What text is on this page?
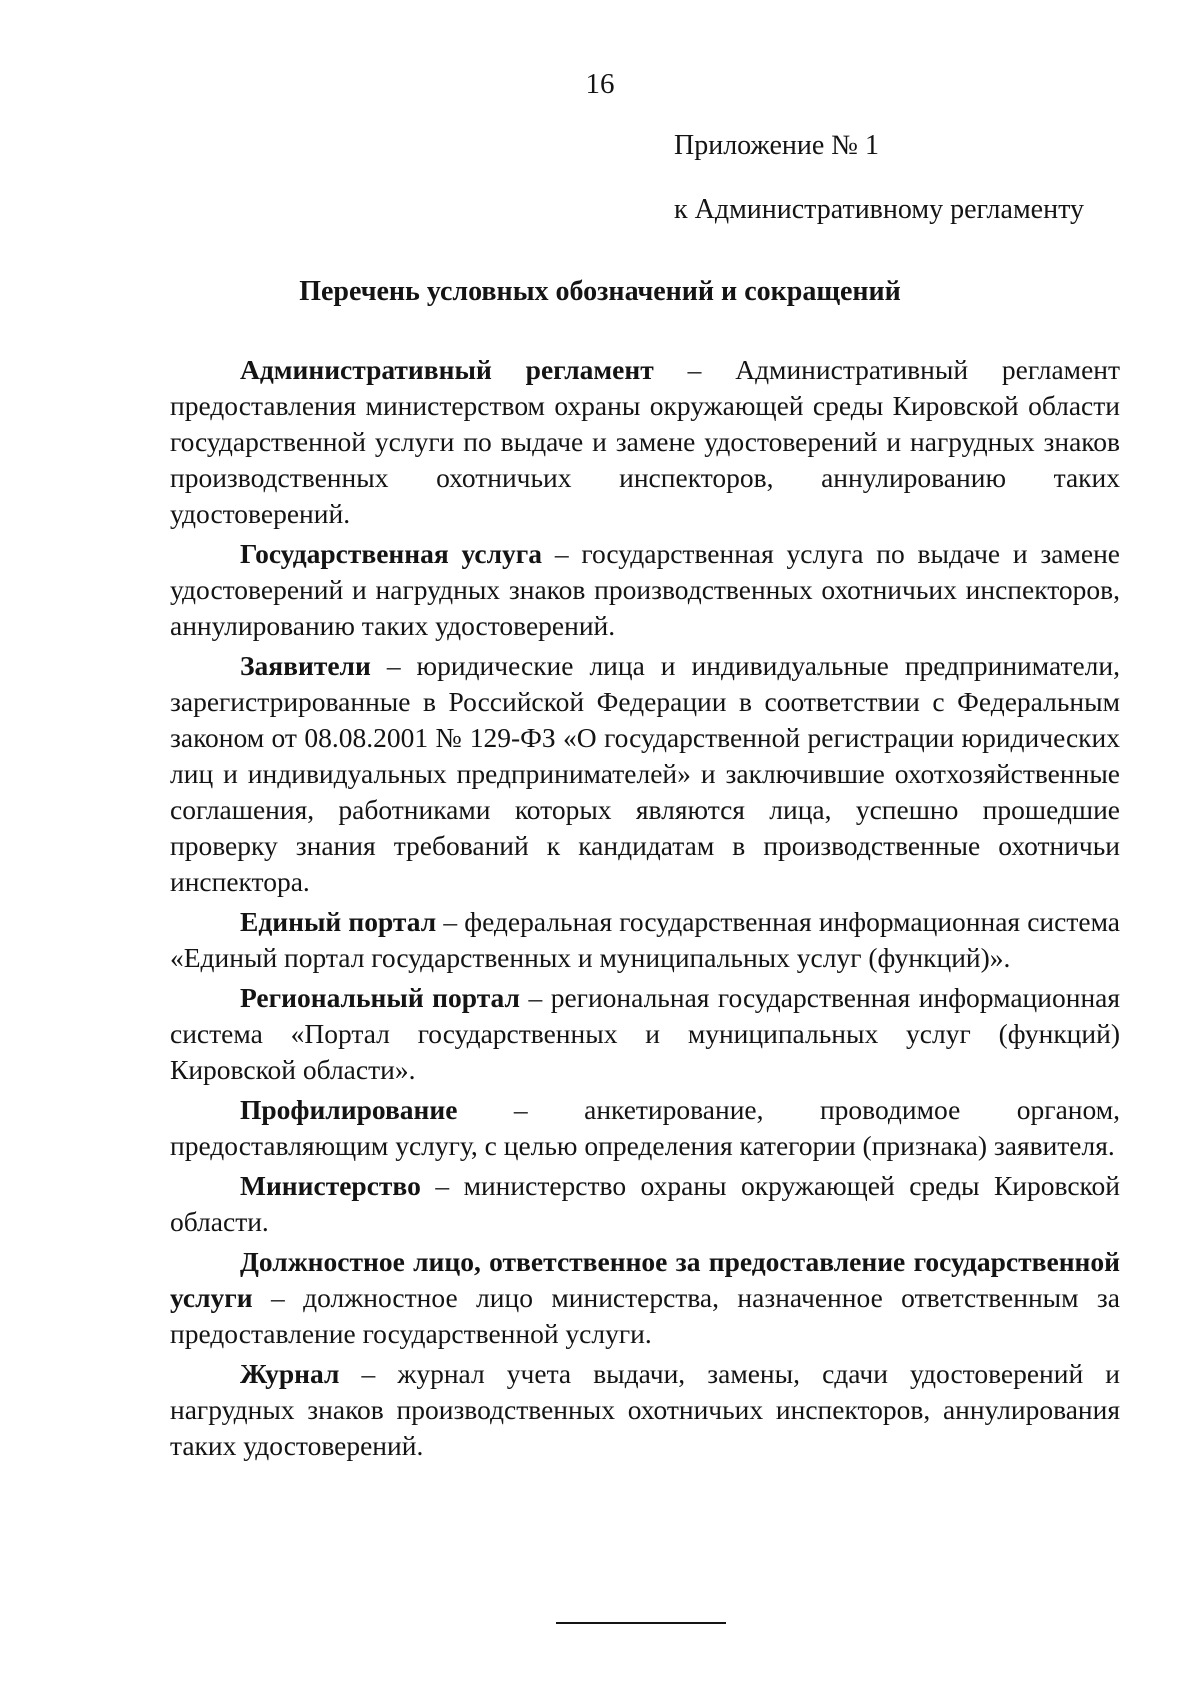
16
Приложение № 1
к Административному регламенту
Перечень условных обозначений и сокращений

Административный регламент – Административный регламент предоставления министерством охраны окружающей среды Кировской области государственной услуги по выдаче и замене удостоверений и нагрудных знаков производственных охотничьих инспекторов, аннулированию таких удостоверений.

Государственная услуга – государственная услуга по выдаче и замене удостоверений и нагрудных знаков производственных охотничьих инспекторов, аннулированию таких удостоверений.

Заявители – юридические лица и индивидуальные предприниматели, зарегистрированные в Российской Федерации в соответствии с Федеральным законом от 08.08.2001 № 129-ФЗ «О государственной регистрации юридических лиц и индивидуальных предпринимателей» и заключившие охотхозяйственные соглашения, работниками которых являются лица, успешно прошедшие проверку знания требований к кандидатам в производственные охотничьи инспектора.

Единый портал – федеральная государственная информационная система «Единый портал государственных и муниципальных услуг (функций)».

Региональный портал – региональная государственная информационная система «Портал государственных и муниципальных услуг (функций) Кировской области».

Профилирование – анкетирование, проводимое органом, предоставляющим услугу, с целью определения категории (признака) заявителя.

Министерство – министерство охраны окружающей среды Кировской области.

Должностное лицо, ответственное за предоставление государственной услуги – должностное лицо министерства, назначенное ответственным за предоставление государственной услуги.

Журнал – журнал учета выдачи, замены, сдачи удостоверений и нагрудных знаков производственных охотничьих инспекторов, аннулирования таких удостоверений.
